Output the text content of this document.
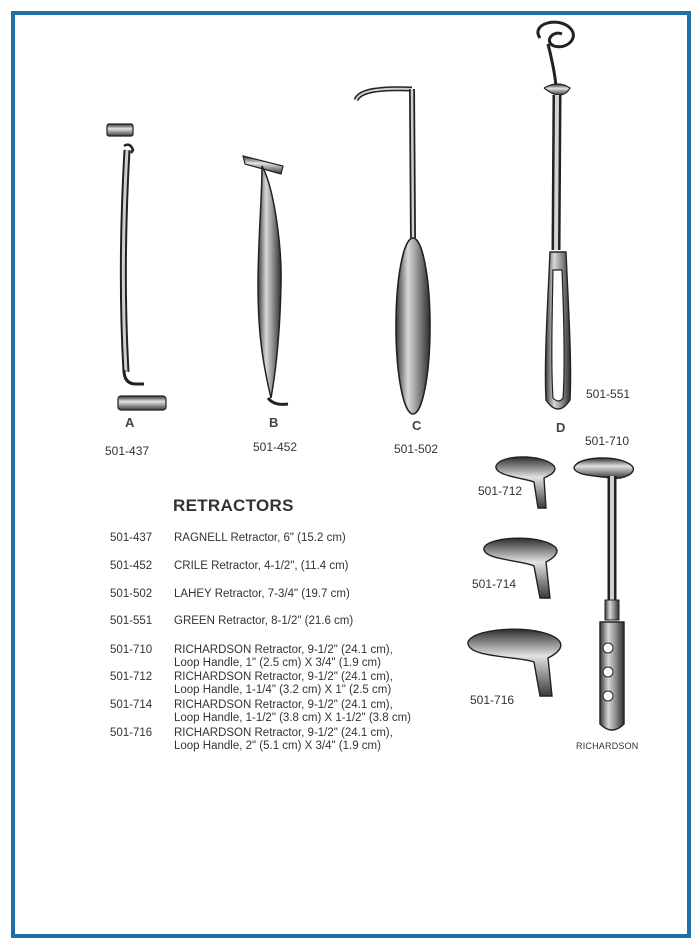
A
501-437
B
501-452
C
501-502
D
501-551
501-710
501-712
501-714
501-716
RICHARDSON
RETRACTORS
501-437	RAGNELL Retractor, 6" (15.2 cm)
501-452	CRILE Retractor, 4-1/2", (11.4 cm)
501-502	LAHEY Retractor, 7-3/4" (19.7 cm)
501-551	GREEN Retractor, 8-1/2" (21.6 cm)
501-710	RICHARDSON Retractor, 9-1/2" (24.1 cm),
Loop Handle, 1" (2.5 cm) X 3/4" (1.9 cm)
501-712	RICHARDSON Retractor, 9-1/2" (24.1 cm),
Loop Handle, 1-1/4" (3.2 cm) X 1" (2.5 cm)
501-714	RICHARDSON Retractor, 9-1/2" (24.1 cm),
Loop Handle, 1-1/2" (3.8 cm) X 1-1/2" (3.8 cm)
501-716	RICHARDSON Retractor, 9-1/2" (24.1 cm),
Loop Handle, 2" (5.1 cm) X 3/4" (1.9 cm)
